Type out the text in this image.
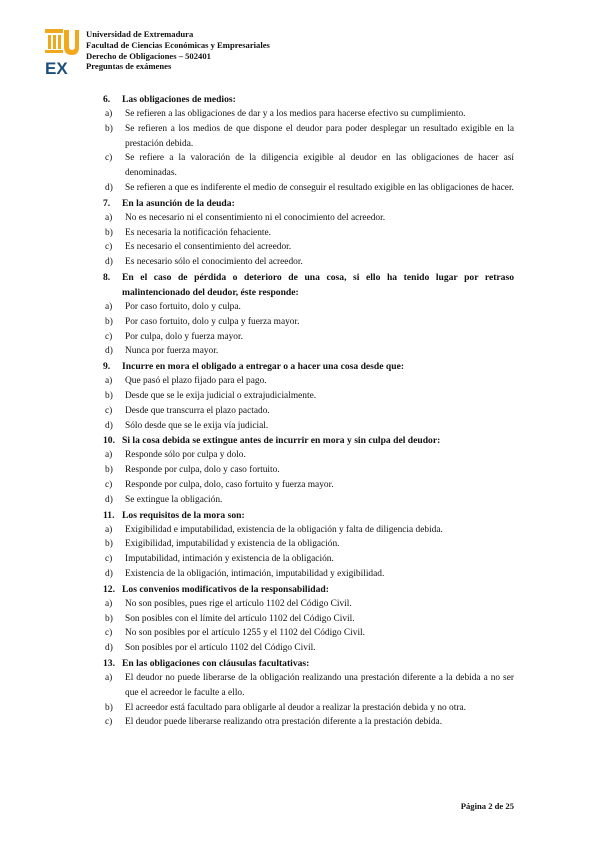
EX
Universidad de Extremadura
Facultad de Ciencias Económicas y Empresariales
Derecho de Obligaciones – 502401
Preguntas de exámenes
6.	Las obligaciones de medios:
a)	Se refieren a las obligaciones de dar y a los medios para hacerse efectivo su cumplimiento.
b)	Se refieren a los medios de que dispone el deudor para poder desplegar un resultado exigible en la prestación debida.
c)	Se refiere a la valoración de la diligencia exigible al deudor en las obligaciones de hacer así denominadas.
d)	Se refieren a que es indiferente el medio de conseguir el resultado exigible en las obligaciones de hacer.
7.	En la asunción de la deuda:
a)	No es necesario ni el consentimiento ni el conocimiento del acreedor.
b)	Es necesaria la notificación fehaciente.
c)	Es necesario el consentimiento del acreedor.
d)	Es necesario sólo el conocimiento del acreedor.
8.	En el caso de pérdida o deterioro de una cosa, si ello ha tenido lugar por retraso malintencionado del deudor, éste responde:
a)	Por caso fortuito, dolo y culpa.
b)	Por caso fortuito, dolo y culpa y fuerza mayor.
c)	Por culpa, dolo y fuerza mayor.
d)	Nunca por fuerza mayor.
9.	Incurre en mora el obligado a entregar o a hacer una cosa desde que:
a)	Que pasó el plazo fijado para el pago.
b)	Desde que se le exija judicial o extrajudicialmente.
c)	Desde que transcurra el plazo pactado.
d)	Sólo desde que se le exija vía judicial.
10. Si la cosa debida se extingue antes de incurrir en mora y sin culpa del deudor:
a)	Responde sólo por culpa y dolo.
b)	Responde por culpa, dolo y caso fortuito.
c)	Responde por culpa, dolo, caso fortuito y fuerza mayor.
d)	Se extingue la obligación.
11. Los requisitos de la mora son:
a)	Exigibilidad e imputabilidad, existencia de la obligación y falta de diligencia debida.
b)	Exigibilidad, imputabilidad y existencia de la obligación.
c)	Imputabilidad, intimación y existencia de la obligación.
d)	Existencia de la obligación, intimación, imputabilidad y exigibilidad.
12. Los convenios modificativos de la responsabilidad:
a)	No son posibles, pues rige el artículo 1102 del Código Civil.
b)	Son posibles con el límite del artículo 1102 del Código Civil.
c)	No son posibles por el artículo 1255 y el 1102 del Código Civil.
d)	Son posibles por el artículo 1102 del Código Civil.
13. En las obligaciones con cláusulas facultativas:
a)	El deudor no puede liberarse de la obligación realizando una prestación diferente a la debida a no ser que el acreedor le faculte a ello.
b)	El acreedor está facultado para obligarle al deudor a realizar la prestación debida y no otra.
c)	El deudor puede liberarse realizando otra prestación diferente a la prestación debida.
Página 2 de 25
